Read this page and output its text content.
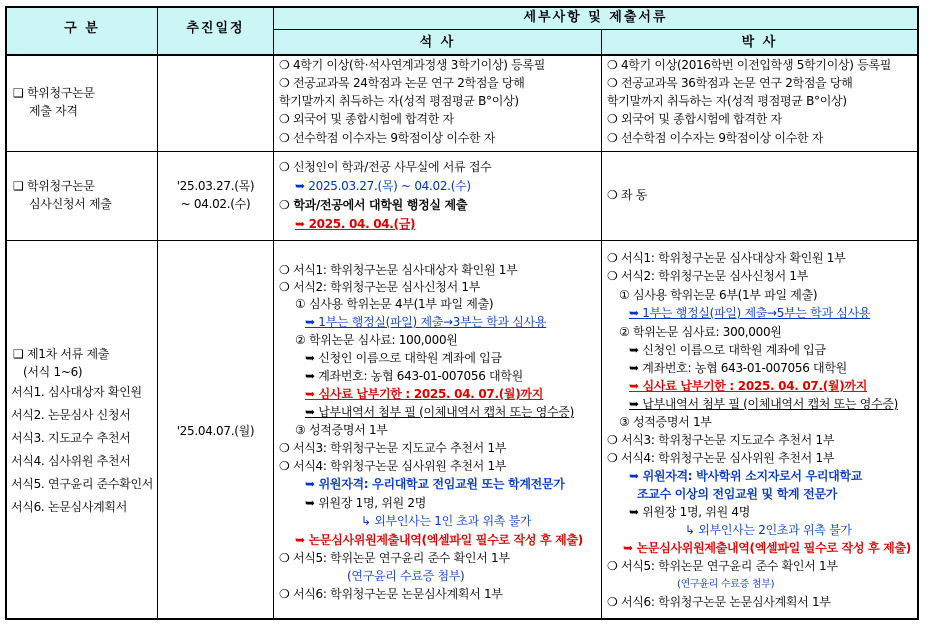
구 분	추진일정
세부사항 및 제출서류
석 사	박 사
❏ 학위청구논문
제출 자격
❍ 4학기 이상(학·석사연계과정생 3학기이상) 등록필
❍ 전공교과목 24학점과 논문 연구 2학점을 당해
학기말까지 취득하는 자(성적 평점평균 B°이상)
❍ 외국어 및 종합시험에 합격한 자
❍ 선수학점 이수자는 9학점이상 이수한 자
❍ 4학기 이상(2016학번 이전입학생 5학기이상) 등록필
❍ 전공교과목 36학점과 논문 연구 2학점을 당해
학기말까지 취득하는 자(성적 평점평균 B°이상)
❍ 외국어 및 종합시험에 합격한 자
❍ 선수학점 이수자는 9학점이상 이수한 자
❏ 학위청구논문
심사신청서 제출
'25.03.27.(목)
~ 04.02.(수)
❍ 신청인이 학과/전공 사무실에 서류 접수
➥ 2025.03.27.(목) ~ 04.02.(수)
❍ 학과/전공에서 대학원 행정실 제출
➥ 2025. 04. 04.(금)
❍ 좌 동
❏ 제1차 서류 제출
(서식 1~6)
서식1. 심사대상자 확인원
서식2. 논문심사 신청서
서식3. 지도교수 추천서
서식4. 심사위원 추천서
서식5. 연구윤리 준수확인서
서식6. 논문심사계획서
'25.04.07.(월)
❍ 서식1: 학위청구논문 심사대상자 확인원 1부
❍ 서식2: 학위청구논문 심사신청서 1부
① 심사용 학위논문 4부(1부 파일 제출)
➥ 1부는 행정실(파일) 제출→3부는 학과 심사용
② 학위논문 심사료: 100,000원
➥ 신청인 이름으로 대학원 계좌에 입금
➥ 계좌번호: 농협 643-01-007056 대학원
➥ 심사료 납부기한 : 2025. 04. 07.(월)까지
➥ 납부내역서 첨부 필 (이체내역서 캡처 또는 영수증)
③ 성적증명서 1부
❍ 서식3: 학위청구논문 지도교수 추천서 1부
❍ 서식4: 학위청구논문 심사위원 추천서 1부
➥ 위원자격: 우리대학교 전임교원 또는 학계전문가
➥ 위원장 1명, 위원 2명
↳ 외부인사는 1인 초과 위촉 불가
➥ 논문심사위원제출내역(엑셀파일 필수로 작성 후 제출)
❍ 서식5: 학위논문 연구윤리 준수 확인서 1부
(연구윤리 수료증 첨부)
❍ 서식6: 학위청구논문 논문심사계획서 1부
❍ 서식1: 학위청구논문 심사대상자 확인원 1부
❍ 서식2: 학위청구논문 심사신청서 1부
① 심사용 학위논문 6부(1부 파일 제출)
➥ 1부는 행정실(파일) 제출→5부는 학과 심사용
② 학위논문 심사료: 300,000원
➥ 신청인 이름으로 대학원 계좌에 입금
➥ 계좌번호: 농협 643-01-007056 대학원
➥ 심사료 납부기한 : 2025. 04. 07.(월)까지
➥ 납부내역서 첨부 필 (이체내역서 캡처 또는 영수증)
③ 성적증명서 1부
❍ 서식3: 학위청구논문 지도교수 추천서 1부
❍ 서식4: 학위청구논문 심사위원 추천서 1부
➥ 위원자격: 박사학위 소지자로서 우리대학교
조교수 이상의 전임교원 및 학계 전문가
➥ 위원장 1명, 위원 4명
↳ 외부인사는 2인초과 위촉 불가
➥ 논문심사위원제출내역(엑셀파일 필수로 작성 후 제출)
❍ 서식5: 학위논문 연구윤리 준수 확인서 1부
(연구윤리 수료증 첨부)
❍ 서식6: 학위청구논문 논문심사계획서 1부
